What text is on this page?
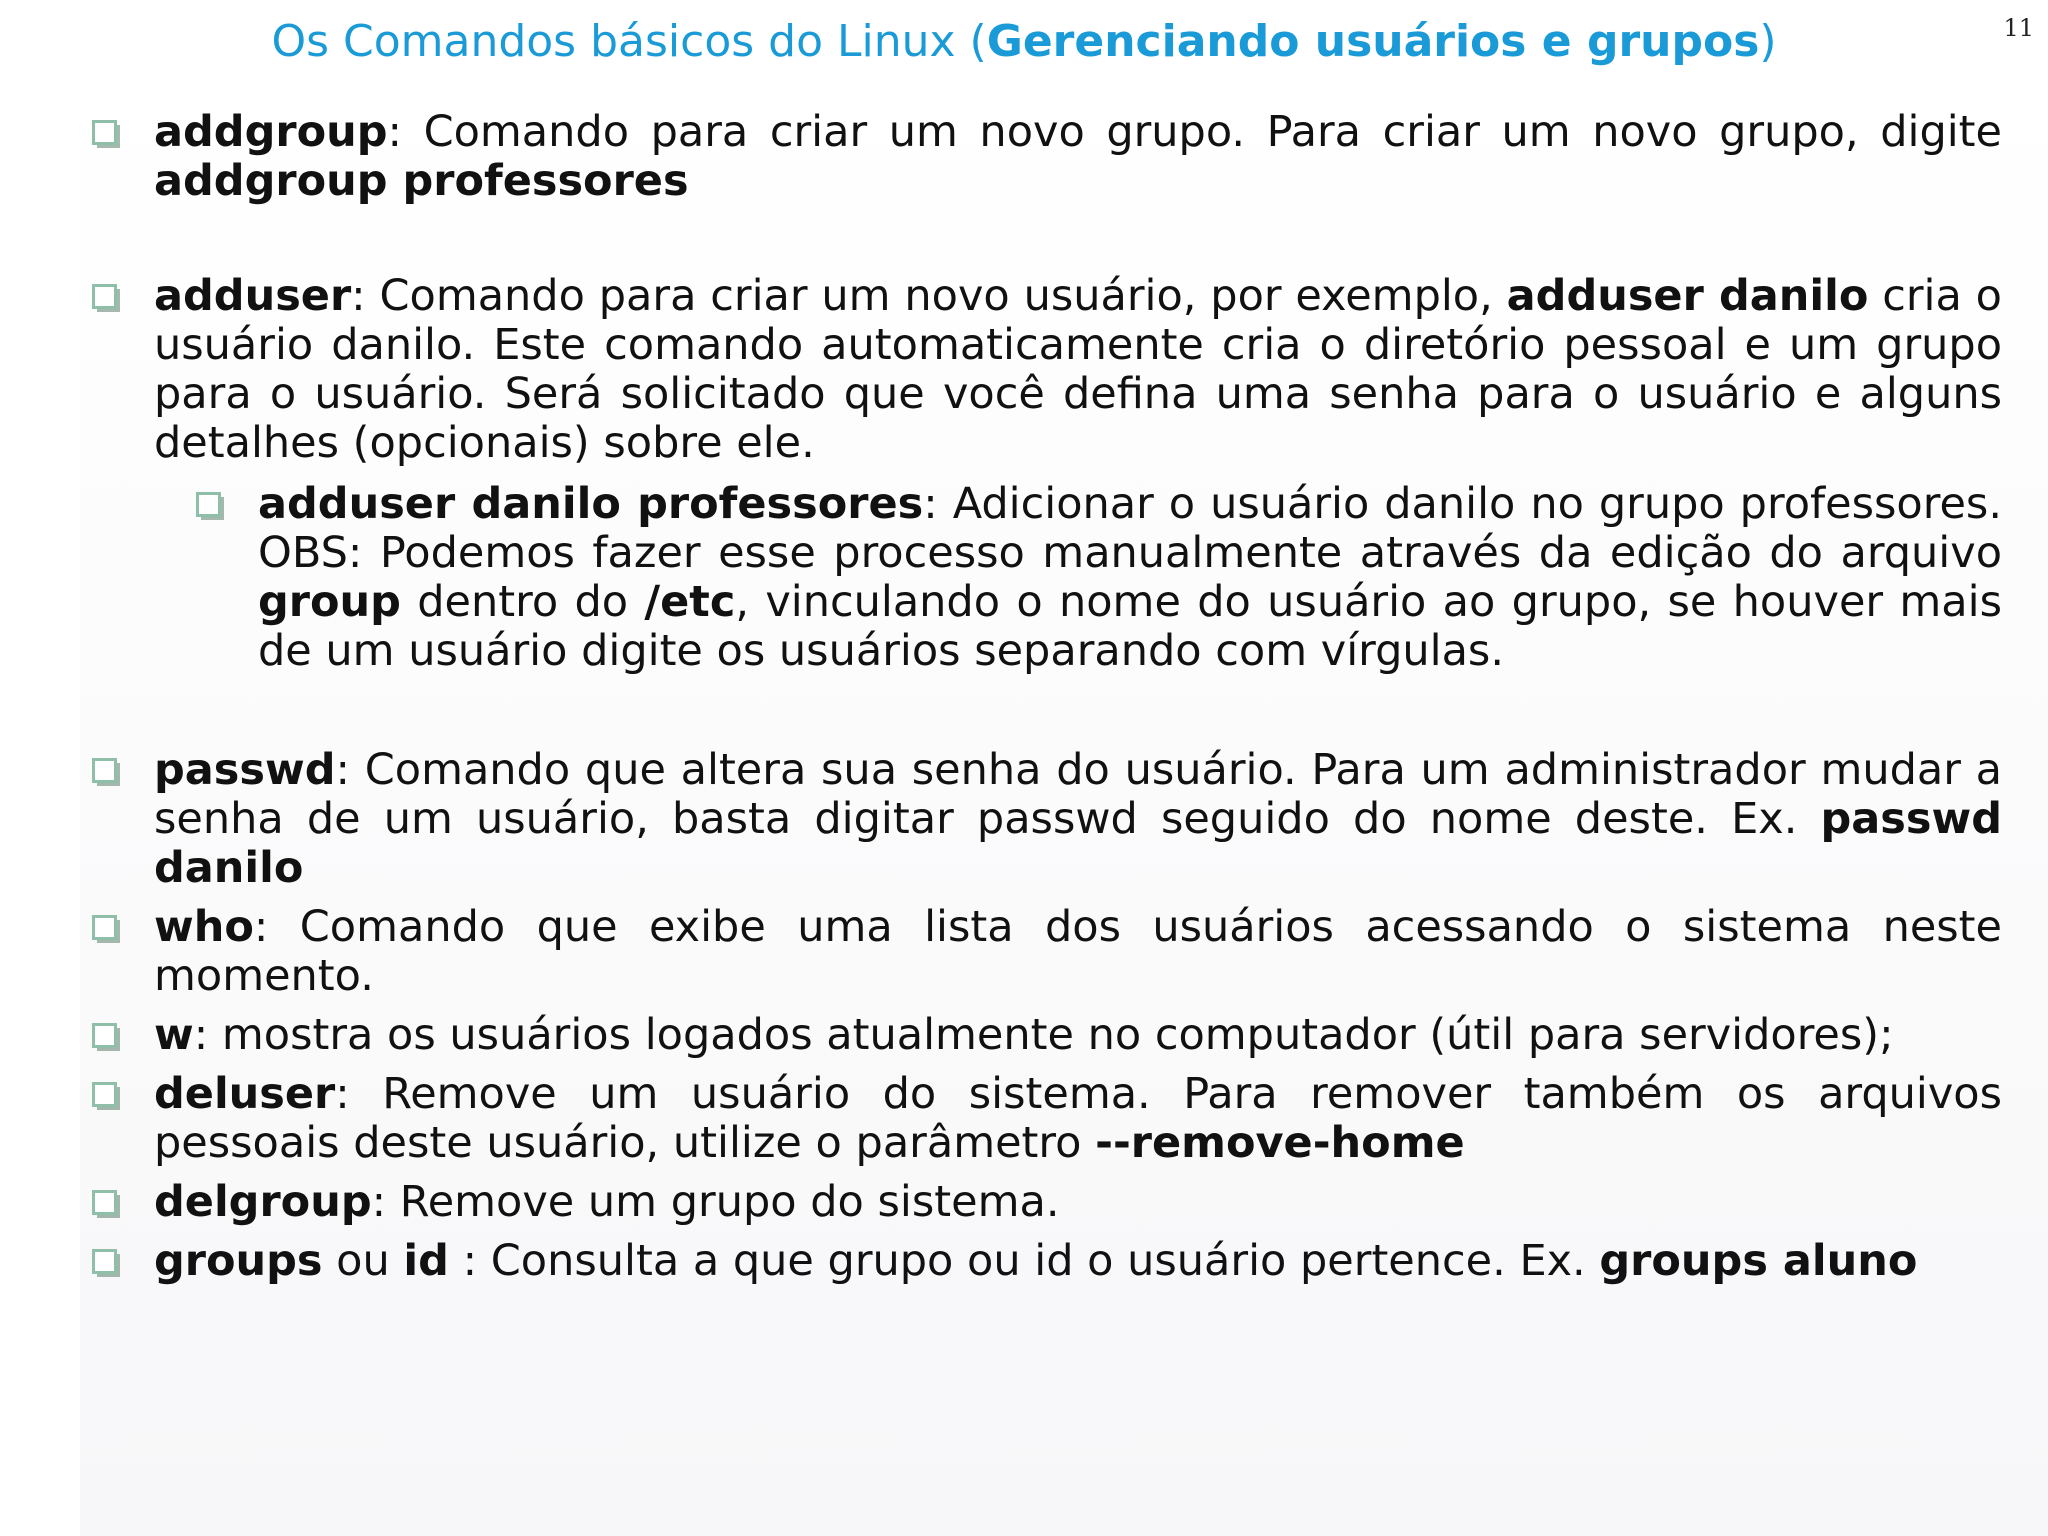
Os Comandos básicos do Linux (Gerenciando usuários e grupos)	11
addgroup: Comando para criar um novo grupo. Para criar um novo grupo, digite addgroup professores
adduser: Comando para criar um novo usuário, por exemplo, adduser danilo cria o usuário danilo. Este comando automaticamente cria o diretório pessoal e um grupo para o usuário. Será solicitado que você defina uma senha para o usuário e alguns detalhes (opcionais) sobre ele.
adduser danilo professores: Adicionar o usuário danilo no grupo professores. OBS: Podemos fazer esse processo manualmente através da edição do arquivo group dentro do /etc, vinculando o nome do usuário ao grupo, se houver mais de um usuário digite os usuários separando com vírgulas.
passwd: Comando que altera sua senha do usuário. Para um administrador mudar a senha de um usuário, basta digitar passwd seguido do nome deste. Ex. passwd danilo
who: Comando que exibe uma lista dos usuários acessando o sistema neste momento.
w: mostra os usuários logados atualmente no computador (útil para servidores);
deluser: Remove um usuário do sistema. Para remover também os arquivos pessoais deste usuário, utilize o parâmetro --remove-home
delgroup: Remove um grupo do sistema.
groups ou id : Consulta a que grupo ou id o usuário pertence. Ex. groups aluno
